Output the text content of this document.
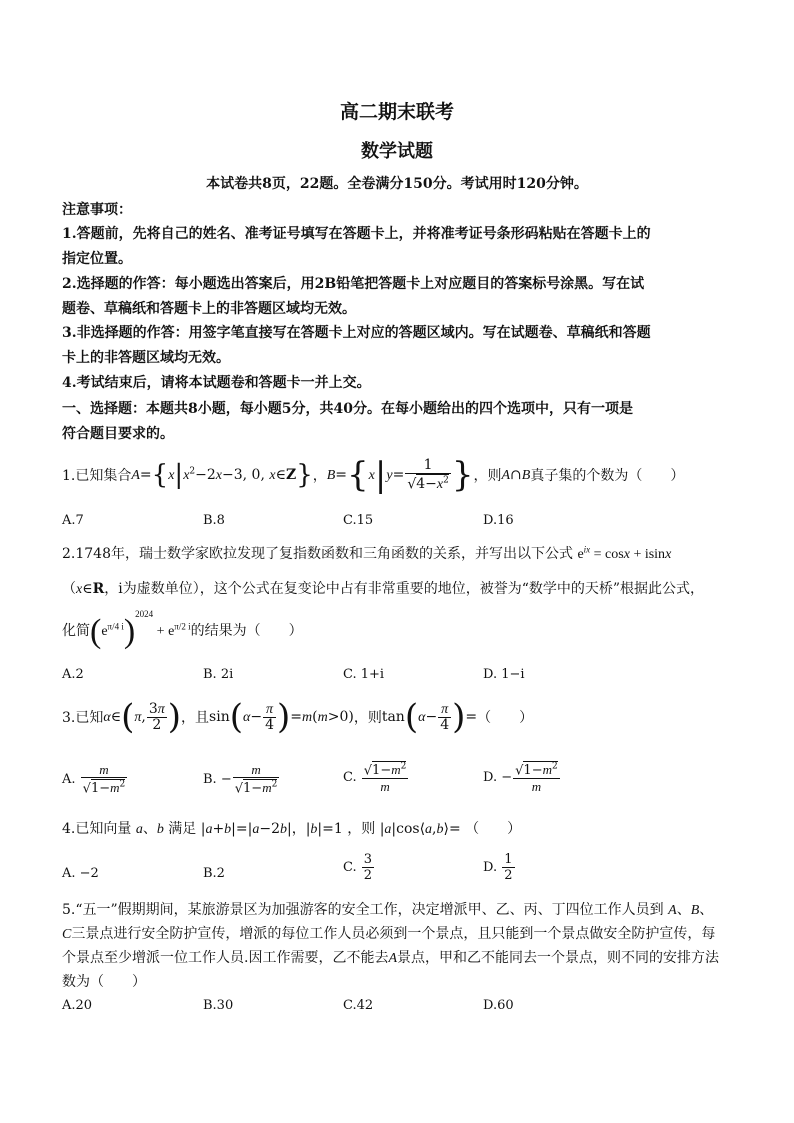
高二期末联考
数学试题
本试卷共8页，22题。全卷满分150分。考试用时120分钟。
注意事项：
1.答题前，先将自己的姓名、准考证号填写在答题卡上，并将准考证号条形码粘贴在答题卡上的
指定位置。
2.选择题的作答：每小题选出答案后，用2B铅笔把答题卡上对应题目的答案标号涂黑。写在试
题卷、草稿纸和答题卡上的非答题区域均无效。
3.非选择题的作答：用签字笔直接写在答题卡上对应的答题区域内。写在试题卷、草稿纸和答题
卡上的非答题区域均无效。
4.考试结束后，请将本试题卷和答题卡一并上交。
一、选择题：本题共8小题，每小题5分，共40分。在每小题给出的四个选项中，只有一项是
符合题目要求的。
1.已知集合 $A=\{x|x^2-2x-3$, 0, x∈Z} ， $B=\{x|y= \frac{1}{√4-x^2}$ } ，则 A∩B 真子集的个数为（　　）
A.7	B.8	C.15	D.16
2.1748年，瑞士数学家欧拉发现了复指数函数和三角函数的关系，并写出以下公式 $e^{ix} = \cos x + isinx$
（x∈R，i为虚数单位），这个公式在复变论中占有非常重要的地位，被誉为“数学中的天桥”根据此公式，
化简 $(e^{\pi/4 i})^{2024} + e^{\pi/2 i}$ 的结果为（　　）
A.2	B. 2i	C. 1+i	D. 1−i
3.已知 α∈(π, $\frac{3\pi}{2}$ ) ，且 $\sin(\alpha- \frac{\pi}{4} )=m(m>0)$ ，则 $\tan(\alpha- \frac{\pi}{4}$ )= （　　）
A. $\frac{m}{√1-m^2}$	B. − $\frac{m}{√1-m^2}$	C. $\frac{√1-m^2}{m}$	D. − $\frac{√1-m^2}{m}$
4.已知向量 a、b 满足 |a+b|=|a−2b|，|b|=1 ，则 |a|cos⟨a,b⟩= （　　）
A. −2	B.2	C. $\frac{3}{2}$	D. $\frac{1}{2}$
5.“五一”假期期间，某旅游景区为加强游客的安全工作，决定增派甲、乙、丙、丁四位工作人员到 A、B、
C三景点进行安全防护宣传，增派的每位工作人员必须到一个景点，且只能到一个景点做安全防护宣传，每
个景点至少增派一位工作人员.因工作需要，乙不能去A景点，甲和乙不能同去一个景点，则不同的安排方法
数为（　　）
A.20	B.30	C.42	D.60
